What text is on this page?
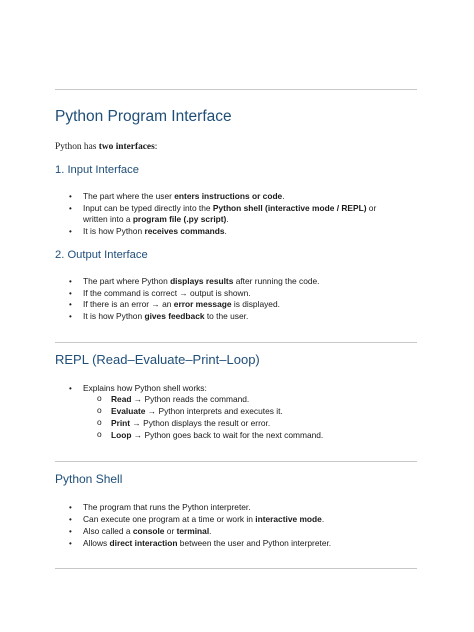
Python Program Interface
Python has two interfaces:
1. Input Interface
• The part where the user enters instructions or code.
• Input can be typed directly into the Python shell (interactive mode / REPL) or
written into a program file (.py script).
• It is how Python receives commands.
2. Output Interface
• The part where Python displays results after running the code.
• If the command is correct → output is shown.
• If there is an error → an error message is displayed.
• It is how Python gives feedback to the user.
REPL (Read–Evaluate–Print–Loop)
• Explains how Python shell works:
o Read → Python reads the command.
o Evaluate → Python interprets and executes it.
o Print → Python displays the result or error.
o Loop → Python goes back to wait for the next command.
Python Shell
• The program that runs the Python interpreter.
• Can execute one program at a time or work in interactive mode.
• Also called a console or terminal.
• Allows direct interaction between the user and Python interpreter.
